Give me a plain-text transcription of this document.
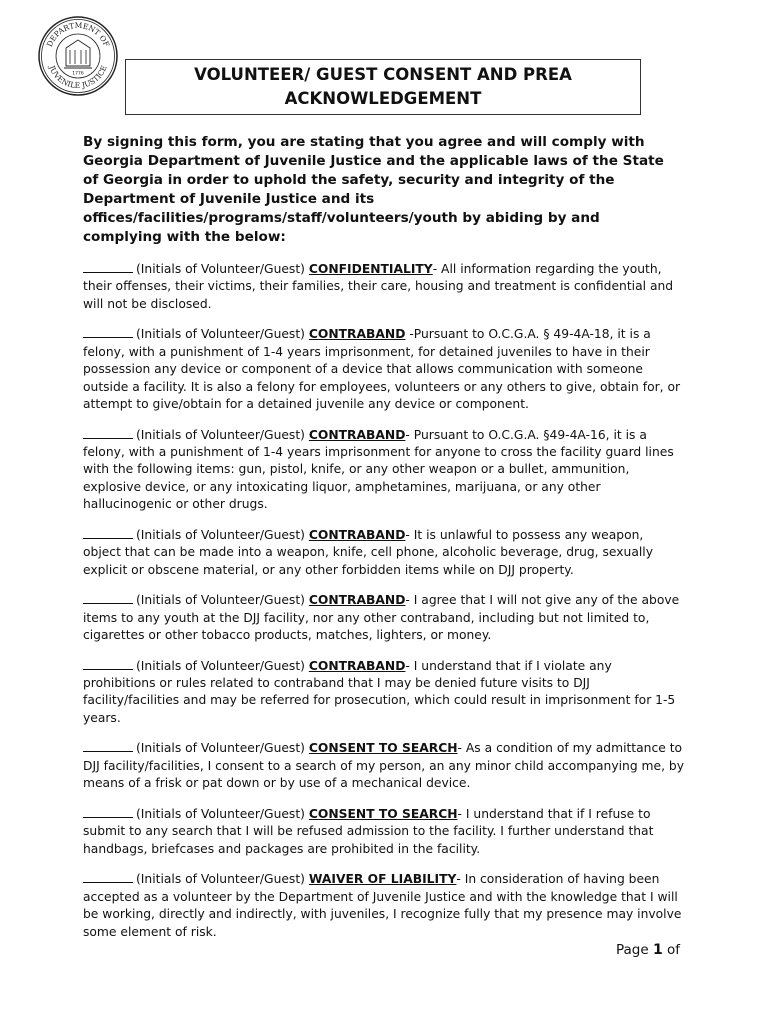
DEPARTMENT OF
JUVENILE JUSTICE
1776	VOLUNTEER/ GUEST CONSENT AND PREA
ACKNOWLEDGEMENT
By signing this form, you are stating that you agree and will comply with Georgia Department of Juvenile Justice and the applicable laws of the State of Georgia in order to uphold the safety, security and integrity of the Department of Juvenile Justice and its offices/facilities/programs/staff/volunteers/youth by abiding by and complying with the below:

(Initials of Volunteer/Guest) CONFIDENTIALITY- All information regarding the youth, their offenses, their victims, their families, their care, housing and treatment is confidential and will not be disclosed.

(Initials of Volunteer/Guest) CONTRABAND -Pursuant to O.C.G.A. § 49-4A-18, it is a felony, with a punishment of 1-4 years imprisonment, for detained juveniles to have in their possession any device or component of a device that allows communication with someone outside a facility. It is also a felony for employees, volunteers or any others to give, obtain for, or attempt to give/obtain for a detained juvenile any device or component.

(Initials of Volunteer/Guest) CONTRABAND- Pursuant to O.C.G.A. §49-4A-16, it is a felony, with a punishment of 1-4 years imprisonment for anyone to cross the facility guard lines with the following items: gun, pistol, knife, or any other weapon or a bullet, ammunition, explosive device, or any intoxicating liquor, amphetamines, marijuana, or any other hallucinogenic or other drugs.

(Initials of Volunteer/Guest) CONTRABAND- It is unlawful to possess any weapon, object that can be made into a weapon, knife, cell phone, alcoholic beverage, drug, sexually explicit or obscene material, or any other forbidden items while on DJJ property.

(Initials of Volunteer/Guest) CONTRABAND- I agree that I will not give any of the above items to any youth at the DJJ facility, nor any other contraband, including but not limited to, cigarettes or other tobacco products, matches, lighters, or money.

(Initials of Volunteer/Guest) CONTRABAND- I understand that if I violate any prohibitions or rules related to contraband that I may be denied future visits to DJJ facility/facilities and may be referred for prosecution, which could result in imprisonment for 1-5 years.

(Initials of Volunteer/Guest) CONSENT TO SEARCH- As a condition of my admittance to DJJ facility/facilities, I consent to a search of my person, an any minor child accompanying me, by means of a frisk or pat down or by use of a mechanical device.

(Initials of Volunteer/Guest) CONSENT TO SEARCH- I understand that if I refuse to submit to any search that I will be refused admission to the facility. I further understand that handbags, briefcases and packages are prohibited in the facility.

(Initials of Volunteer/Guest) WAIVER OF LIABILITY- In consideration of having been accepted as a volunteer by the Department of Juvenile Justice and with the knowledge that I will be working, directly and indirectly, with juveniles, I recognize fully that my presence may involve some element of risk.

Page 1 of
